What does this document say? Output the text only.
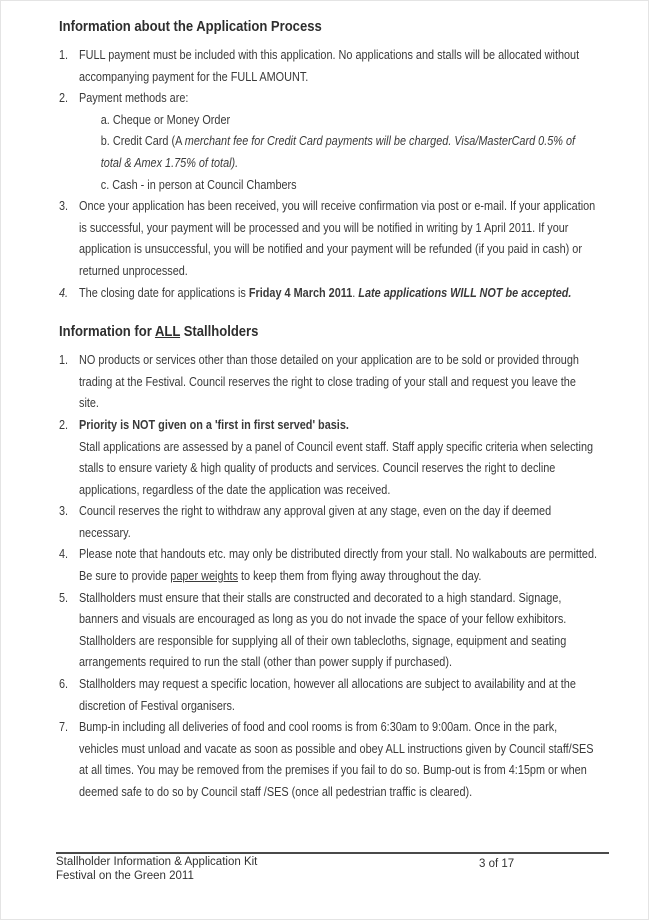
Information about the Application Process
1. FULL payment must be included with this application. No applications and stalls will be allocated without accompanying payment for the FULL AMOUNT.
2. Payment methods are:
a. Cheque or Money Order
b. Credit Card (A merchant fee for Credit Card payments will be charged. Visa/MasterCard 0.5% of total & Amex 1.75% of total).
c. Cash - in person at Council Chambers
3. Once your application has been received, you will receive confirmation via post or e-mail. If your application is successful, your payment will be processed and you will be notified in writing by 1 April 2011. If your application is unsuccessful, you will be notified and your payment will be refunded (if you paid in cash) or returned unprocessed.
4. The closing date for applications is Friday 4 March 2011. Late applications WILL NOT be accepted.
Information for ALL Stallholders
1. NO products or services other than those detailed on your application are to be sold or provided through trading at the Festival. Council reserves the right to close trading of your stall and request you leave the site.
2. Priority is NOT given on a 'first in first served' basis.
Stall applications are assessed by a panel of Council event staff. Staff apply specific criteria when selecting stalls to ensure variety & high quality of products and services. Council reserves the right to decline applications, regardless of the date the application was received.
3. Council reserves the right to withdraw any approval given at any stage, even on the day if deemed necessary.
4. Please note that handouts etc. may only be distributed directly from your stall. No walkabouts are permitted. Be sure to provide paper weights to keep them from flying away throughout the day.
5. Stallholders must ensure that their stalls are constructed and decorated to a high standard. Signage, banners and visuals are encouraged as long as you do not invade the space of your fellow exhibitors. Stallholders are responsible for supplying all of their own tablecloths, signage, equipment and seating arrangements required to run the stall (other than power supply if purchased).
6. Stallholders may request a specific location, however all allocations are subject to availability and at the discretion of Festival organisers.
7. Bump-in including all deliveries of food and cool rooms is from 6:30am to 9:00am. Once in the park, vehicles must unload and vacate as soon as possible and obey ALL instructions given by Council staff/SES at all times. You may be removed from the premises if you fail to do so. Bump-out is from 4:15pm or when deemed safe to do so by Council staff /SES (once all pedestrian traffic is cleared).
Stallholder Information & Application Kit
Festival on the Green 2011
3 of 17
